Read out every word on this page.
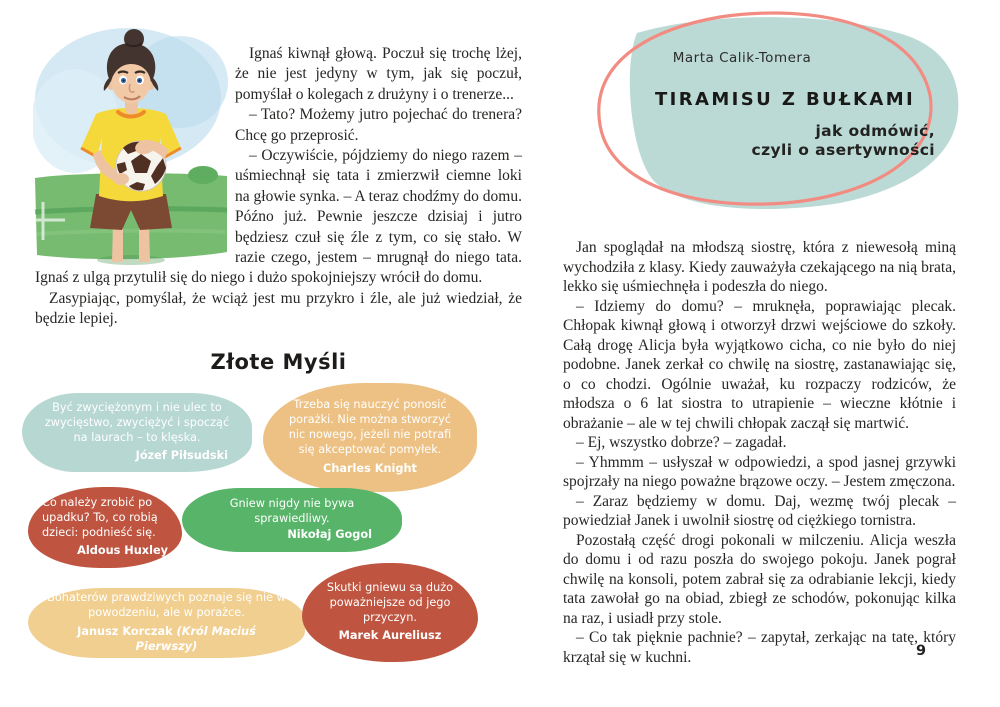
Ignaś kiwnął głową. Poczuł się trochę lżej, że nie jest jedyny w tym, jak się poczuł, pomyślał o kolegach z drużyny i o trenerze...

– Tato? Możemy jutro pojechać do trenera? Chcę go przeprosić.

– Oczywiście, pójdziemy do niego razem – uśmiechnął się tata i zmierzwił ciemne loki na głowie synka. – A teraz chodźmy do domu. Późno już. Pewnie jeszcze dzisiaj i jutro będziesz czuł się źle z tym, co się stało. W razie czego, jestem – mrugnął do niego tata. Ignaś z ulgą przytulił się do niego i dużo spokojniejszy wrócił do domu.

Zasypiając, pomyślał, że wciąż jest mu przykro i źle, ale już wiedział, że będzie lepiej.

Złote Myśli
Być zwyciężonym i nie ulec to zwycięstwo, zwyciężyć i spocząć na laurach – to klęska.
Józef Piłsudski
Trzeba się nauczyć ponosić porażki. Nie można stworzyć nic nowego, jeżeli nie potrafi się akceptować pomyłek.
Charles Knight
Co należy zrobić po upadku? To, co robią dzieci: podnieść się.
Aldous Huxley
Gniew nigdy nie bywa sprawiedliwy.
Nikołaj Gogol
Bohaterów prawdziwych poznaje się nie w powodzeniu, ale w porażce.
Janusz Korczak (Król Maciuś Pierwszy)
Skutki gniewu są dużo poważniejsze od jego przyczyn.
Marek Aureliusz
Marta Calik-Tomera
TIRAMISU Z BUŁKAMI
jak odmówić,
czyli o asertywności

Jan spoglądał na młodszą siostrę, która z niewesołą miną wychodziła z klasy. Kiedy zauważyła czekającego na nią brata, lekko się uśmiechnęła i podeszła do niego.

– Idziemy do domu? – mruknęła, poprawiając plecak. Chłopak kiwnął głową i otworzył drzwi wejściowe do szkoły. Całą drogę Alicja była wyjątkowo cicha, co nie było do niej podobne. Janek zerkał co chwilę na siostrę, zastanawiając się, o co chodzi. Ogólnie uważał, ku rozpaczy rodziców, że młodsza o 6 lat siostra to utrapienie – wieczne kłótnie i obrażanie – ale w tej chwili chłopak zaczął się martwić.

– Ej, wszystko dobrze? – zagadał.

– Yhmmm – usłyszał w odpowiedzi, a spod jasnej grzywki spojrzały na niego poważne brązowe oczy. – Jestem zmęczona.

– Zaraz będziemy w domu. Daj, wezmę twój plecak – powiedział Janek i uwolnił siostrę od ciężkiego tornistra.

Pozostałą część drogi pokonali w milczeniu. Alicja weszła do domu i od razu poszła do swojego pokoju. Janek pograł chwilę na konsoli, potem zabrał się za odrabianie lekcji, kiedy tata zawołał go na obiad, zbiegł ze schodów, pokonując kilka na raz, i usiadł przy stole.

– Co tak pięknie pachnie? – zapytał, zerkając na tatę, który krzątał się w kuchni.	9
